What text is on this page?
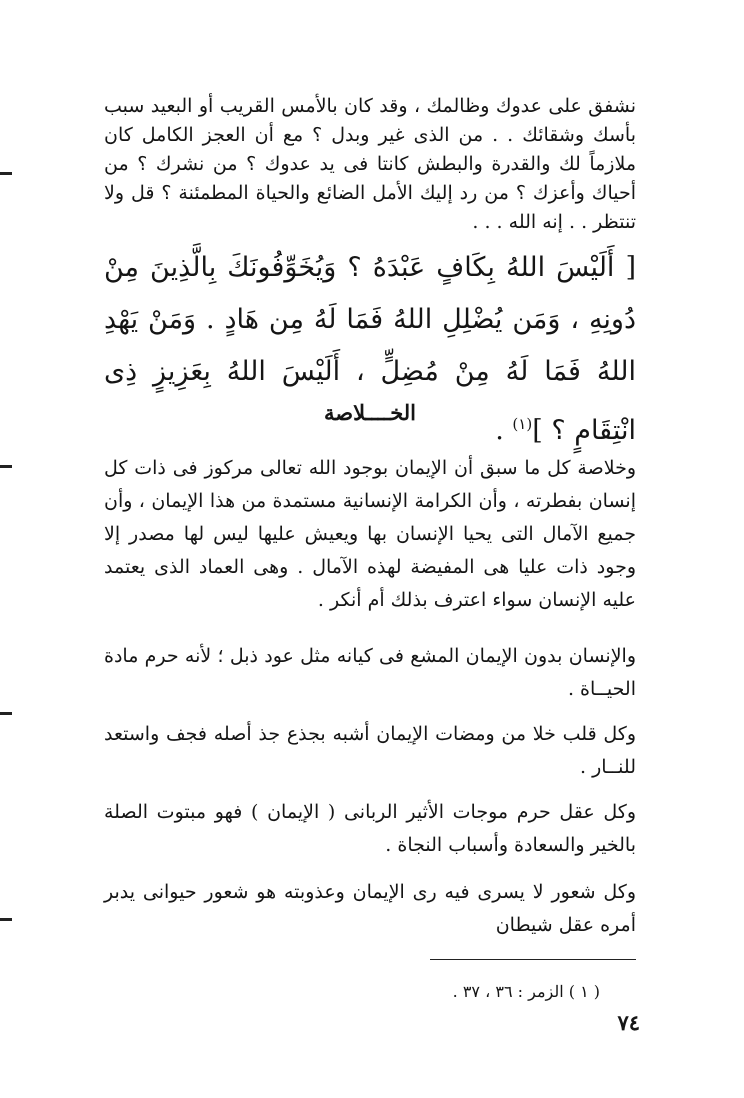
نشفق على عدوك وظالمك ، وقد كان بالأمس القريب أو البعيد سبب بأسك وشقائك . . من الذى غير وبدل ؟ مع أن العجز الكامل كان ملازماً لك والقدرة والبطش كانتا فى يد عدوك ؟ من نشرك ؟ من أحياك وأعزك ؟ من رد إليك الأمل الضائع والحياة المطمئنة ؟ قل ولا تنتظر . . إنه الله . . .

[ أَلَيْسَ اللهُ بِكَافٍ عَبْدَهُ ؟ وَيُخَوِّفُونَكَ بِالَّذِينَ مِنْ دُونِهِ ، وَمَن يُضْلِلِ اللهُ فَمَا لَهُ مِن هَادٍ . وَمَنْ يَهْدِ اللهُ فَمَا لَهُ مِنْ مُضِلٍّ ، أَلَيْسَ اللهُ بِعَزِيزٍ ذِى انْتِقَامٍ ؟ ]$^{(١)}$ .
الخــــلاصة

وخلاصة كل ما سبق أن الإيمان بوجود الله تعالى مركوز فى ذات كل إنسان بفطرته ، وأن الكرامة الإنسانية مستمدة من هذا الإيمان ، وأن جميع الآمال التى يحيا الإنسان بها ويعيش عليها ليس لها مصدر إلا وجود ذات عليا هى المفيضة لهذه الآمال . وهى العماد الذى يعتمد عليه الإنسان سواء اعترف بذلك أم أنكر .

والإنسان بدون الإيمان المشع فى كيانه مثل عود ذبل ؛ لأنه حرم مادة الحيــاة .

وكل قلب خلا من ومضات الإيمان أشبه بجذع جذ أصله فجف واستعد للنــار .

وكل عقل حرم موجات الأثير الربانى ( الإيمان ) فهو مبتوت الصلة بالخير والسعادة وأسباب النجاة .

وكل شعور لا يسرى فيه رى الإيمان وعذوبته هو شعور حيوانى يدبر أمره عقل شيطان

( ١ ) الزمر : ٣٦ ، ٣٧ .
٧٤
